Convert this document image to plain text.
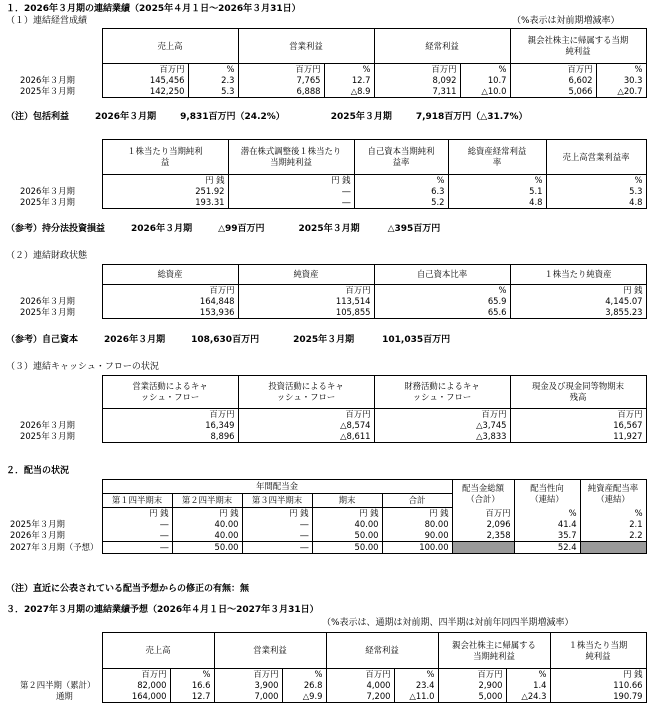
１．2026年３月期の連結業績（2025年４月１日～2026年３月31日）
（１）連結経営成績	（%表示は対前期増減率）
	売上高		営業利益		経常利益		親会社株主に帰属する当期純利益	
	百万円	%	百万円	%	百万円	%	百万円	%
2026年３月期	145,456	2.3	7,765	12.7	8,092	10.7	6,602	30.3
2025年３月期	142,250	5.3	6,888	△8.9	7,311	△10.0	5,066	△20.7
（注）包括利益	2026年３月期	9,831百万円（24.2%）	2025年３月期	7,918百万円（△31.7%）
	１株当たり当期純利益	潜在株式調整後１株当たり当期純利益	自己資本当期純利益率	総資産経常利益率	売上高営業利益率
	円 銭	円 銭	%	%	%
2026年３月期	251.92	―	6.3	5.1	5.3
2025年３月期	193.31	―	5.2	4.8	4.8
（参考）持分法投資損益	2026年３月期	△99百万円	2025年３月期	△395百万円
（２）連結財政状態
	総資産	純資産	自己資本比率	１株当たり純資産
	百万円	百万円	%	円 銭
2026年３月期	164,848	113,514	65.9	4,145.07
2025年３月期	153,936	105,855	65.6	3,855.23
（参考）自己資本	2026年３月期	108,630百万円	2025年３月期	101,035百万円
（３）連結キャッシュ・フローの状況
	営業活動によるキャッシュ・フロー	投資活動によるキャッシュ・フロー	財務活動によるキャッシュ・フロー	現金及び現金同等物期末残高
	百万円	百万円	百万円	百万円
2026年３月期	16,349	△8,574	△3,745	16,567
2025年３月期	8,896	△8,611	△3,833	11,927
２．配当の状況
	年間配当金					配当金総額（合計）	配当性向（連結）	純資産配当率（連結）
	第１四半期末	第２四半期末	第３四半期末	期末	合計			
	円 銭	円 銭	円 銭	円 銭	円 銭	百万円	%	%
2025年３月期	―	40.00	―	40.00	80.00	2,096	41.4	2.1
2026年３月期	―	40.00	―	50.00	90.00	2,358	35.7	2.2
2027年３月期（予想）	―	50.00	―	50.00	100.00		52.4	
（注）直近に公表されている配当予想からの修正の有無：無
３．2027年３月期の連結業績予想（2026年４月１日～2027年３月31日）
（%表示は、通期は対前期、四半期は対前年同四半期増減率）
	売上高		営業利益		経常利益		親会社株主に帰属する当期純利益		１株当たり当期純利益
	百万円	%	百万円	%	百万円	%	百万円	%	円 銭
第２四半期（累計）	82,000	16.6	3,900	26.8	4,000	23.4	2,900	1.4	110.66
通期	164,000	12.7	7,000	△9.9	7,200	△11.0	5,000	△24.3	190.79
